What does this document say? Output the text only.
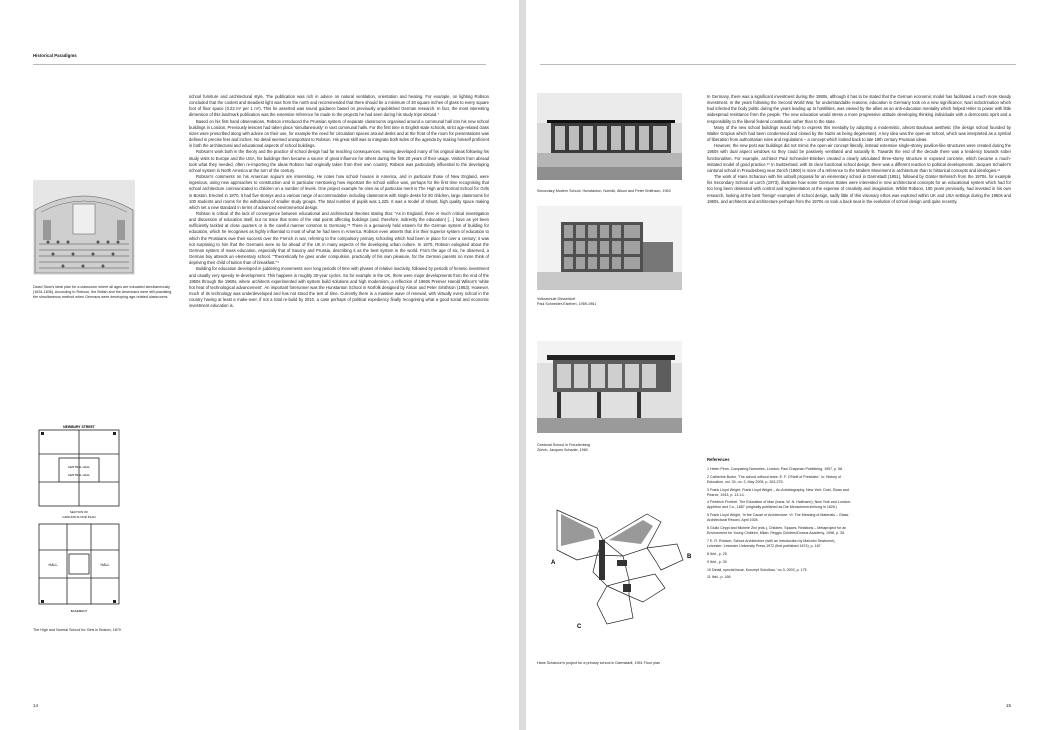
Historical Paradigms

school furniture and architectural style. The publication was rich in advice on natural ventilation, orientation and heating. For example, on lighting Robson concluded that the coolest and steadiest light was from the north and recommended that there should be a minimum of 30 square inches of glass to every square foot of floor space (0.22 m² per 1 m²). This he asserted was sound guidance based on previously unpublished German research. In fact, the most interesting dimension of this landmark publication was the extensive reference he made to the projects he had seen during his study trips abroad.⁷

Based on his first hand observations, Robson introduced the Prussian system of separate classrooms organised around a communal hall into his new school buildings in London. Previously lessons had taken place 'simultaneously' in vast communal halls. For the first time in English state schools, strict age-related class sizes were proscribed along with advice on their use, for example the need for circulation spaces around desks and at the front of the room for presentations was defined in precise feet and inches. No detail seemed unimportant to Robson. His great skill was to integrate both sides of the agenda by making himself proficient in both the architectural and educational aspects of school buildings.

Robson's work both in the theory and the practice of school design had far reaching consequences. Having developed many of his original ideas following his study visits to Europe and the USA, his buildings then became a source of great influence for others during the first 20 years of their usage. Visitors from abroad took what they needed, often re-importing the ideas Robson had originally taken from their own country; Robson was particularly influential to the developing school system in North America at the turn of the century.

Robson's comments on his American sojourn are interesting. He notes how school houses in America, and in particular those of New England, were ingenious, using new approaches to construction and in particular mentioning how important the school edifice was, perhaps for the first time recognising that school architecture communicated to children on a number of levels. One project example he cites as of particular merit is The High and Normal School for Girls in Boston. Erected in 1870, it had five storeys and a various range of accommodation including classrooms with single desks for 50 children, large classrooms for 100 students and rooms for the withdrawal of smaller study groups. The total number of pupils was 1,225. It was a model of robust, high quality space making which set a new standard in terms of advanced environmental design.

Robson is critical of the lack of convergence between educational and architectural theories stating that: "As in England, there is much critical investigation and discussion of education itself, but no trace that some of the vital points affecting buildings (and, therefore, indirectly the education) […] have as yet been sufficiently tackled at close quarters or in the careful manner common to Germany."⁸ There is a genuinely held esteem for the German system of building for education, which he recognises as highly influential to most of what he had seen in America. Robson even asserts that it is their superior system of education to which the Prussians owe their success over the French in war, referring to the compulsory primary schooling which had been in place for over a century; it was not surprising to him that the Germans were so far ahead of the UK in many aspects of the developing urban culture. In 1870, Robson eulogised about the German system of mass education, especially that of Saxony and Prussia, describing it as the best system in the world. From the age of six, he observed, a German boy attends an elementary school. "Theoretically he goes under compulsion, practically of his own pleasure, for the German parents no more think of depriving their child of tuition than of breakfast."⁹

Building for education developed in juddering movements over long periods of time with phases of relative inactivity, followed by periods of frenetic investment and usually very speedy re-development. This happens in roughly 30-year cycles. So for example in the UK, there were major developments from the end of the 1950s through the 1960s, where architects experimented with system build solutions and high modernism, a reflection of 1960s Premier Harold Wilson's 'white hot heat of technological advancement'. An important forerunner was the Hunstanton School in Norfolk designed by Alison and Peter Smithson (1953). However, much of its technology was underdeveloped and has not stood the test of time. Currently there is a massive wave of renewal, with virtually every school in the country having at least a make-over, if not a total re-build by 2010, a case perhaps of political expediency finally recognising what a good social and economic investment education is.

David Stow's ideal plan for a classroom where all ages are educated simultaneously (1834-1836). According to Robson, the British and the Americans were still practising the simultaneous method when Germans were developing age-related classrooms
NEWBURY STREET
CENTRAL HALL
CENTRAL HALL
SECTION OF
GROUND FLOOR PLAN
HALL	HALL
BASEMENT
The High and Normal School for Girls in Boston, 1870
14
Secondary Modern School, Hunstanton, Norfolk, Alison and Peter Smithson, 1953
Volksschule Düsseldorf
Paul Schneider-Esleben, 1959-1961
Cantonal School in Freudenberg
Zürich, Jacques Schader, 1960
A
B
C
Hans Scharoun's project for a primary school in Darmstadt, 1951 Floor plan

In Germany, there was a significant investment during the 1980s, although it has to be stated that the German economic model has facilitated a much more steady investment. In the years following the Second World War, for understandable reasons, education in Germany took on a new significance; Nazi indoctrination which had infected the body politic during the years leading up to hostilities, was viewed by the allies as an anti-education mentality which helped Hitler to power with little widespread resistance from the people. The new education would stress a more progressive attitude developing thinking individuals with a democratic spirit and a responsibility to the liberal federal constitution rather than to the state.

Many of the new school buildings would help to express this mentality by adopting a modernistic, almost Bauhaus aesthetic (the design school founded by Walter Gropius which had been condemned and closed by the Nazis as being degenerate). A key idea was the open-air school, which was interpreted as a symbol of liberation from authoritarian rules and regulations – a concept which looked back to late 19th century Prussian ideas.

However, the new post war buildings did not mimic the open-air concept literally, instead extensive single-storey pavilion-like structures were created during the 1950s with dual aspect windows so they could be passively ventilated and naturally lit. Towards the end of the decade there was a tendency towards sober functionalism. For example, architect Paul Schneider-Esleben created a clearly articulated three-storey structure in exposed concrete, which became a much-imitated model of good practice.¹⁰ In Switzerland, with its clear functional school design, there was a different reaction to political developments. Jacques Schader's cantonal school in Freudenberg near Zürich (1960) is more of a reference to the Modern Movement in architecture than to historical concepts and ideologies.¹¹

The work of Hans Scharoun with his unbuilt proposal for an elementary school in Darmstadt (1951), followed by Günter Behnisch from the 1970s, for example his Secondary School at Lorch (1973), illustrate how some German States were interested in new architectural concepts for an educational system which had for too long been obsessed with control and regimentation at the expense of creativity and imagination. Whilst Robson, 100 years previously, had invested in his own research, looking at the best 'foreign' examples of school design, sadly little of this visionary ethos was explored within UK and USA settings during the 1950s and 1960s, and architects and architecture perhaps from the 1970s on took a back seat in the evolution of school design until quite recently.

References
1 Helen Penn, Comparing Nurseries, London: Paul Chapman Publishing, 1997, p. 58.
2 Catherine Burke, 'The school without tears: E. F. O'Neill of Prestolee,' in: History of Education, vol. 34, no. 3, May 2005, p. 263-275.
3 Frank Lloyd Wright, Frank Lloyd Wright – An Autobiography, New York: Duel, Sloan and Pearce, 1943, p. 13-14.
4 Friedrich Froebel, The Education of Man (trans. W. N. Hailmann), New York and London: Appleton and Co., 1887 (originally published as Die Menschenerziehung in 1826.)
5 Frank Lloyd Wright, 'In the Cause of Architecture: VI: The Meaning of Materials – Glass,' Architectural Record, April 1928.
6 Giulio Ceppi and Michele Zini (eds.), Children, Spaces, Relations – Metaproject for an Environment for Young Children, Milan: Reggio Children/Domus Academy, 1998, p. 35.
7 E. R. Robson, School Architecture (with an introduction by Malcolm Seaborne), Leicester: Leicester University Press,1972 (first published 1874), p. 167
8 Ibid., p. 25
9 Ibid., p. 30
10 Detail, special issue, Konzept Schulbau,' no 3, 2003, p. 175
11 Ibid., p. 168
15
